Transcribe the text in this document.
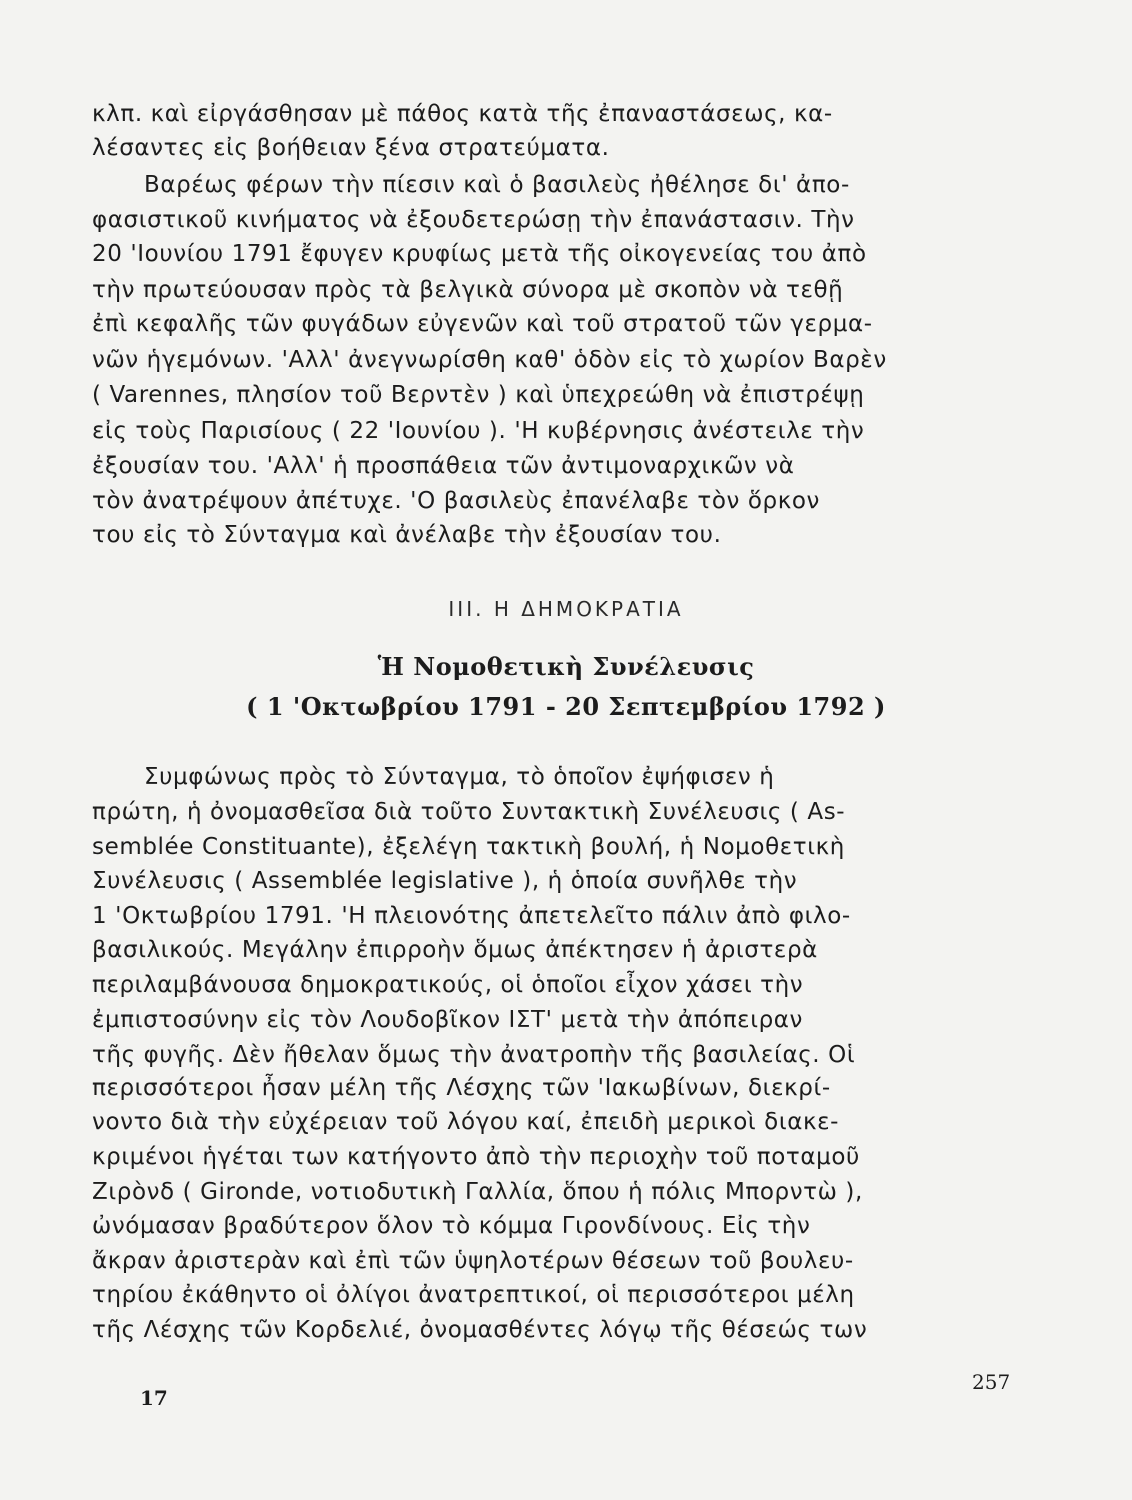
κλπ. καὶ εἰργάσθησαν μὲ πάθος κατὰ τῆς ἐπαναστάσεως, κα-
λέσαντες εἰς βοήθειαν ξένα στρατεύματα.
Βαρέως φέρων τὴν πίεσιν καὶ ὁ βασιλεὺς ἠθέλησε δι' ἀπο-
φασιστικοῦ κινήματος νὰ ἐξουδετερώσῃ τὴν ἐπανάστασιν. Τὴν
20 'Ιουνίου 1791 ἔφυγεν κρυφίως μετὰ τῆς οἰκογενείας του ἀπὸ
τὴν πρωτεύουσαν πρὸς τὰ βελγικὰ σύνορα μὲ σκοπὸν νὰ τεθῇ
ἐπὶ κεφαλῆς τῶν φυγάδων εὐγενῶν καὶ τοῦ στρατοῦ τῶν γερμα-
νῶν ἡγεμόνων. 'Αλλ' ἀνεγνωρίσθη καθ' ὁδὸν εἰς τὸ χωρίον Βαρὲν
( Varennes, πλησίον τοῦ Βερντὲν ) καὶ ὑπεχρεώθη νὰ ἐπιστρέψῃ
εἰς τοὺς Παρισίους ( 22 'Ιουνίου ). 'Η κυβέρνησις ἀνέστειλε τὴν
ἐξουσίαν του. 'Αλλ' ἡ προσπάθεια τῶν ἀντιμοναρχικῶν νὰ
τὸν ἀνατρέψουν ἀπέτυχε. 'Ο βασιλεὺς ἐπανέλαβε τὸν ὅρκον
του εἰς τὸ Σύνταγμα καὶ ἀνέλαβε τὴν ἐξουσίαν του.
III. Η ΔΗΜΟΚΡΑΤΙΑ
Ἡ Νομοθετικὴ Συνέλευσις
( 1 'Οκτωβρίου 1791 - 20 Σεπτεμβρίου 1792 )
Συμφώνως πρὸς τὸ Σύνταγμα, τὸ ὁποῖον ἐψήφισεν ἡ
πρώτη, ἡ ὀνομασθεῖσα διὰ τοῦτο Συντακτικὴ Συνέλευσις ( As-
semblée Constituante), ἐξελέγη τακτικὴ βουλή, ἡ Νομοθετικὴ
Συνέλευσις ( Assemblée legislative ), ἡ ὁποία συνῆλθε τὴν
1 'Οκτωβρίου 1791. 'Η πλειονότης ἀπετελεῖτο πάλιν ἀπὸ φιλο-
βασιλικούς. Μεγάλην ἐπιρροὴν ὅμως ἀπέκτησεν ἡ ἀριστερὰ
περιλαμβάνουσα δημοκρατικούς, οἱ ὁποῖοι εἶχον χάσει τὴν
ἐμπιστοσύνην εἰς τὸν Λουδοβῖκον ΙΣΤ' μετὰ τὴν ἀπόπειραν
τῆς φυγῆς. Δὲν ἤθελαν ὅμως τὴν ἀνατροπὴν τῆς βασιλείας. Οἱ
περισσότεροι ἦσαν μέλη τῆς Λέσχης τῶν 'Ιακωβίνων, διεκρί-
νοντο διὰ τὴν εὐχέρειαν τοῦ λόγου καί, ἐπειδὴ μερικοὶ διακε-
κριμένοι ἡγέται των κατήγοντο ἀπὸ τὴν περιοχὴν τοῦ ποταμοῦ
Ζιρὸνδ ( Gironde, νοτιοδυτικὴ Γαλλία, ὅπου ἡ πόλις Μπορντὼ ),
ὠνόμασαν βραδύτερον ὅλον τὸ κόμμα Γιρονδίνους. Εἰς τὴν
ἄκραν ἀριστερὰν καὶ ἐπὶ τῶν ὑψηλοτέρων θέσεων τοῦ βουλευ-
τηρίου ἐκάθηντο οἱ ὀλίγοι ἀνατρεπτικοί, οἱ περισσότεροι μέλη
τῆς Λέσχης τῶν Κορδελιέ, ὀνομασθέντες λόγῳ τῆς θέσεώς των
17
257
